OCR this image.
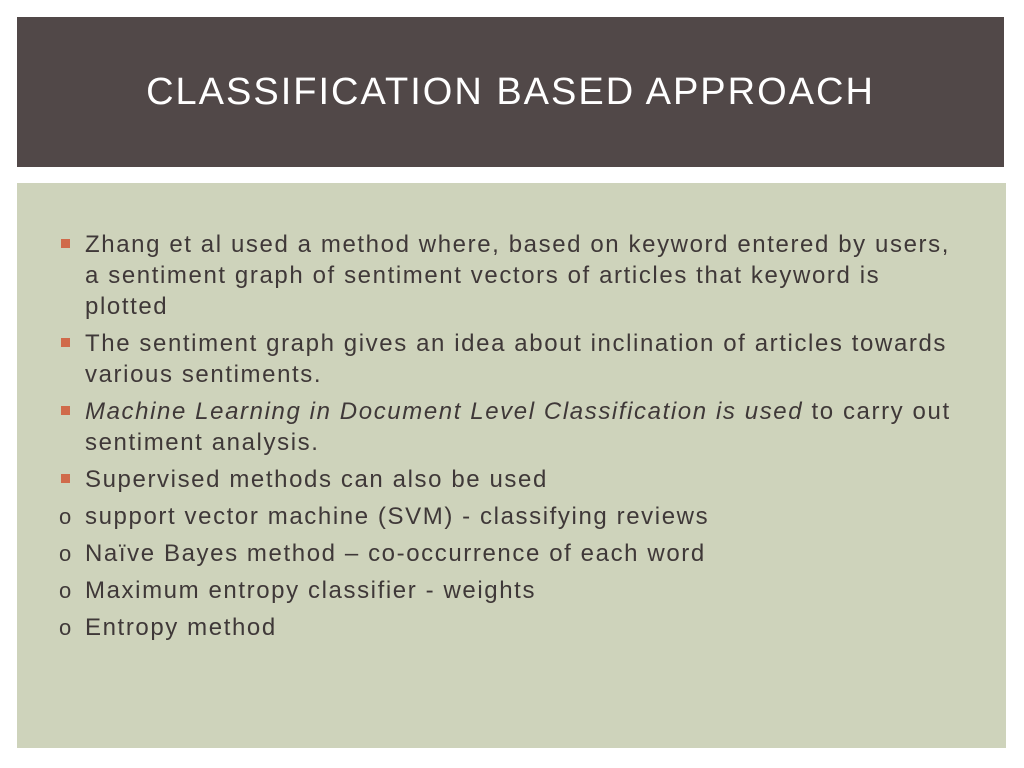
CLASSIFICATION BASED APPROACH
Zhang et al used a method where, based on keyword entered by users, a sentiment graph of sentiment vectors of articles that keyword is plotted
The sentiment graph gives an idea about inclination of articles towards various sentiments.
Machine Learning in Document Level Classification is used to carry out sentiment analysis.
Supervised methods can also be used
o support vector machine (SVM) - classifying reviews
o Naïve Bayes method – co-occurrence of each word
o Maximum entropy classifier - weights
o Entropy method
